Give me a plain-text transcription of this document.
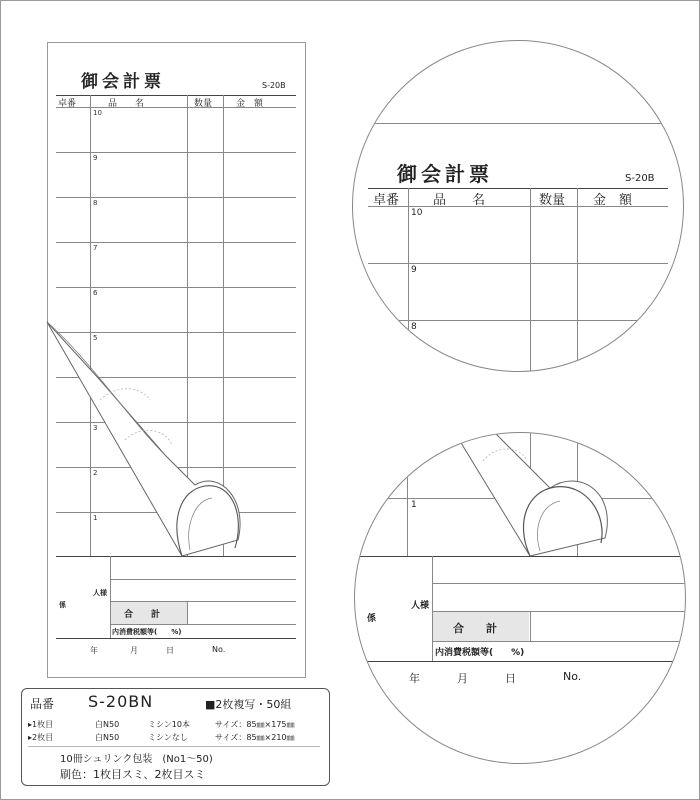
御会計票	S-20B
卓番	品　　名	数量	金　額
10
9
8
7
6
5
3
2
1
人様
係
合　　計
内消費税額等(　　%)
年	月	日	No.
御会計票	S-20B
卓番	品　　名	数量 金　額
10
9
8
1
人様
係
合　　計
内消費税額等(　　%)
年	月	日	No.
品番 S-20BN	■2枚複写・50組
▸1枚目	白N50	ミシン10本	サイズ：85㎜×175㎜
▸2枚目	白N50	ミシンなし	サイズ：85㎜×210㎜
10冊シュリンク包装　(No1〜50)
刷色：1枚目スミ、2枚目スミ
